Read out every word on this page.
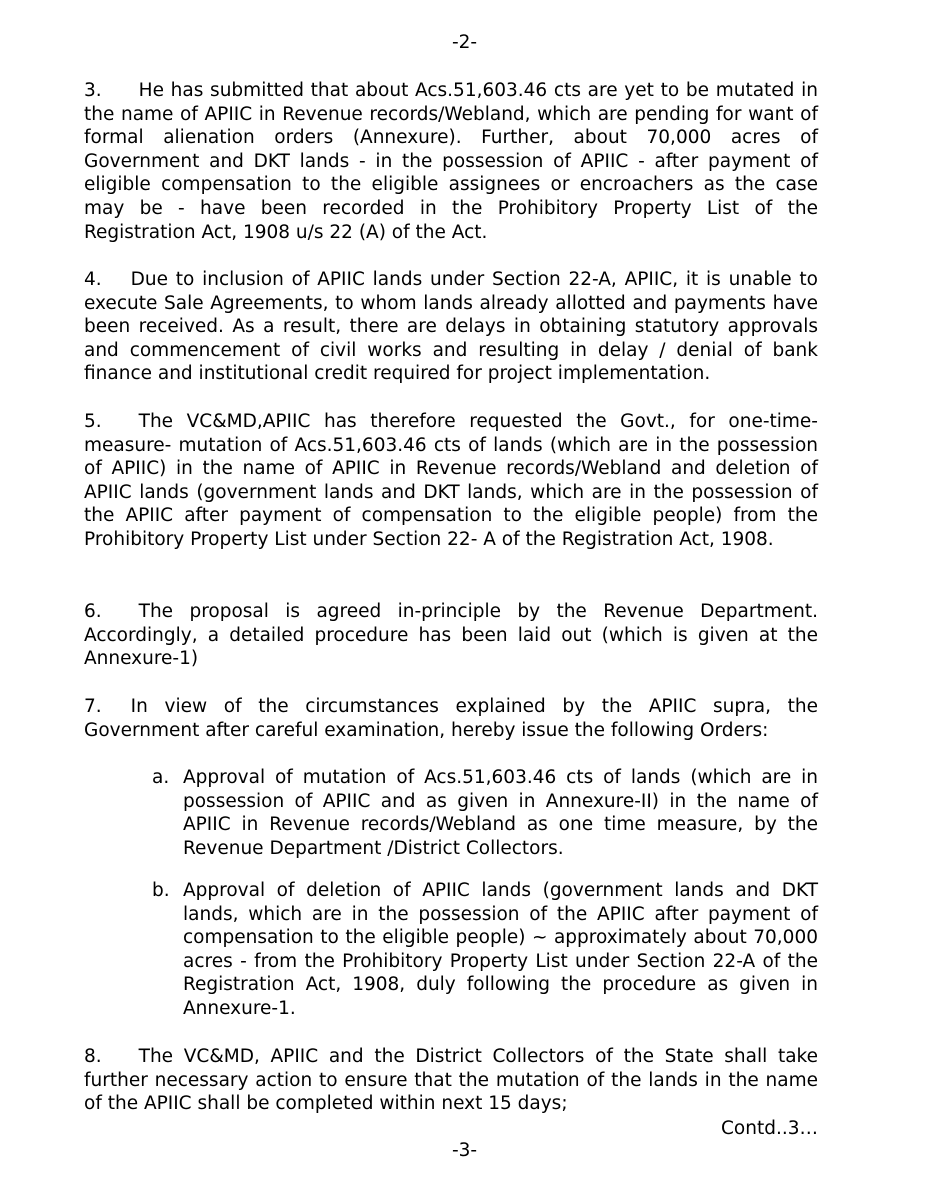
-2-
3. He has submitted that about Acs.51,603.46 cts are yet to be mutated in the name of APIIC in Revenue records/Webland, which are pending for want of formal alienation orders (Annexure). Further, about 70,000 acres of Government and DKT lands - in the possession of APIIC - after payment of eligible compensation to the eligible assignees or encroachers as the case may be - have been recorded in the Prohibitory Property List of the Registration Act, 1908 u/s 22 (A) of the Act.
4. Due to inclusion of APIIC lands under Section 22-A, APIIC, it is unable to execute Sale Agreements, to whom lands already allotted and payments have been received. As a result, there are delays in obtaining statutory approvals and commencement of civil works and resulting in delay / denial of bank finance and institutional credit required for project implementation.
5. The VC&MD,APIIC has therefore requested the Govt., for one-time-measure- mutation of Acs.51,603.46 cts of lands (which are in the possession of APIIC) in the name of APIIC in Revenue records/Webland and deletion of APIIC lands (government lands and DKT lands, which are in the possession of the APIIC after payment of compensation to the eligible people) from the Prohibitory Property List under Section 22- A of the Registration Act, 1908.
6. The proposal is agreed in-principle by the Revenue Department. Accordingly, a detailed procedure has been laid out (which is given at the Annexure-1)
7. In view of the circumstances explained by the APIIC supra, the Government after careful examination, hereby issue the following Orders:
a. Approval of mutation of Acs.51,603.46 cts of lands (which are in possession of APIIC and as given in Annexure-II) in the name of APIIC in Revenue records/Webland as one time measure, by the Revenue Department /District Collectors.
b. Approval of deletion of APIIC lands (government lands and DKT lands, which are in the possession of the APIIC after payment of compensation to the eligible people) ~ approximately about 70,000 acres - from the Prohibitory Property List under Section 22-A of the Registration Act, 1908, duly following the procedure as given in Annexure-1.
8. The VC&MD, APIIC and the District Collectors of the State shall take further necessary action to ensure that the mutation of the lands in the name of the APIIC shall be completed within next 15 days;
Contd..3…
-3-
